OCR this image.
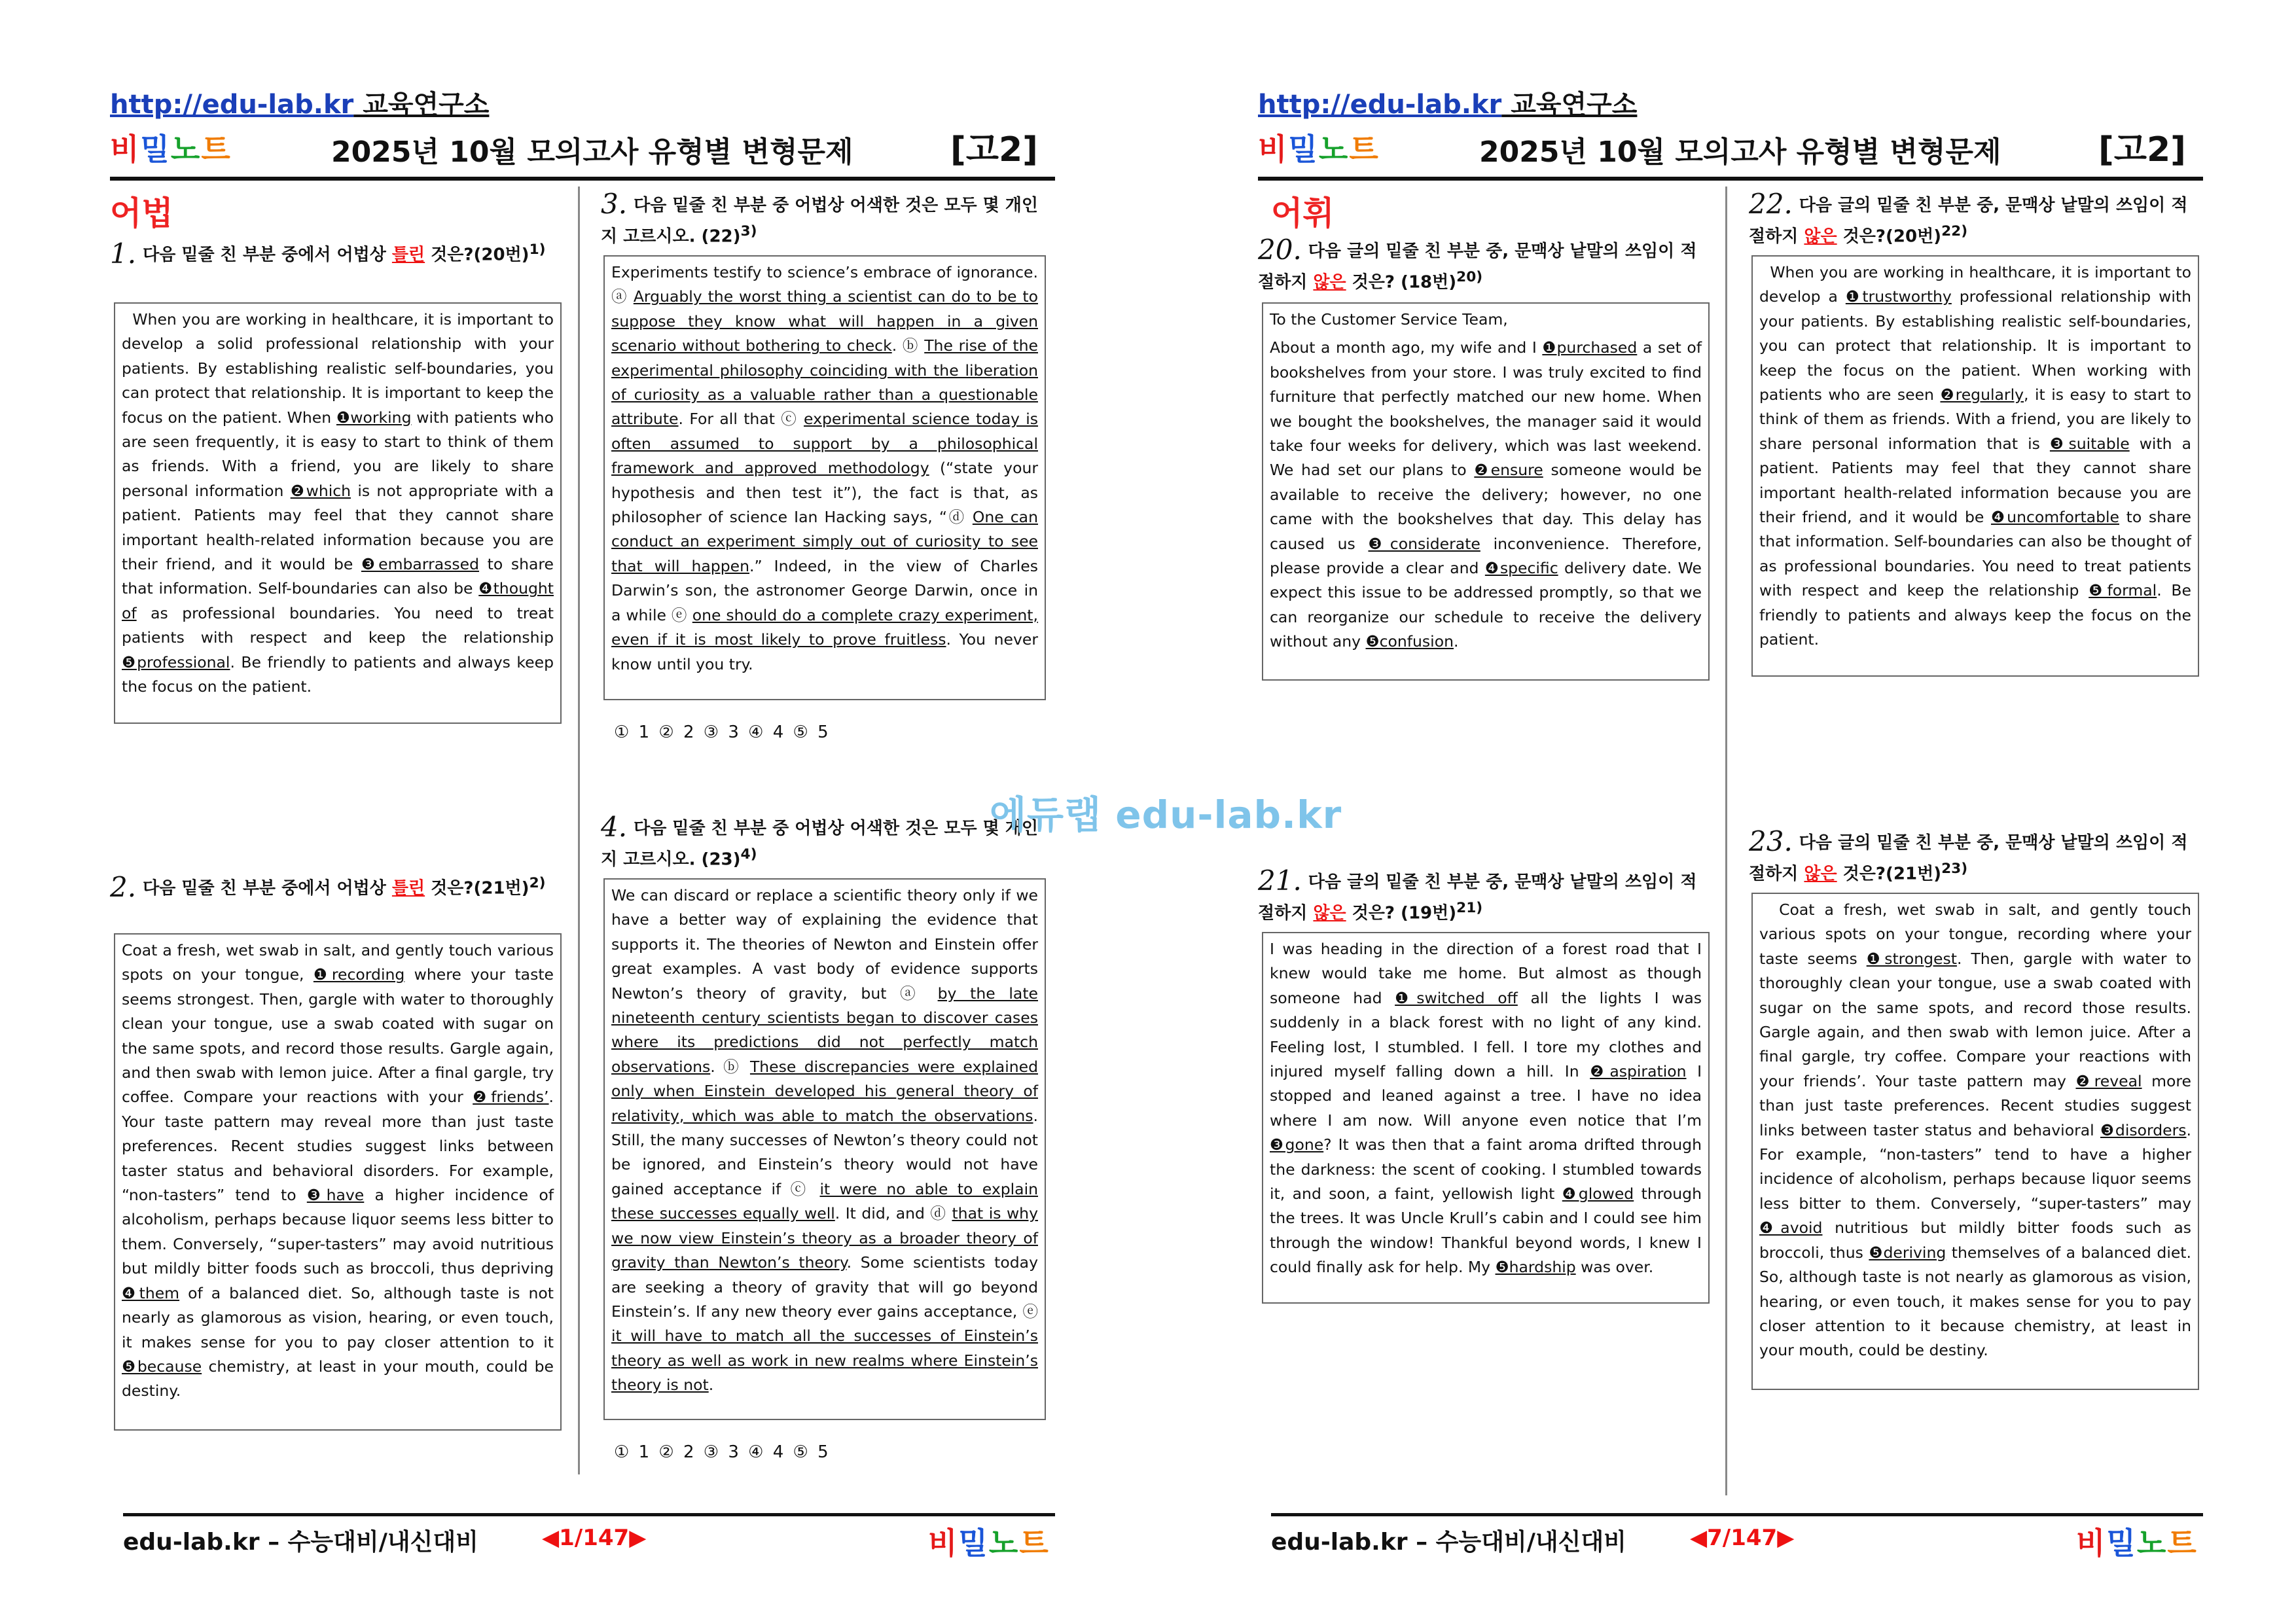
http://edu-lab.kr 교육연구소
비밀노트	2025년 10월 모의고사 유형별 변형문제	[고2]
어법
1. 다음 밑줄 친 부분 중에서 어법상 틀린 것은?(20번)$^{1)}$

When you are working in healthcare, it is important to develop a solid professional relationship with your patients. By establishing realistic self-boundaries, you can protect that relationship. It is important to keep the focus on the patient. When ❶working with patients who are seen frequently, it is easy to start to think of them as friends. With a friend, you are likely to share personal information ❷which is not appropriate with a patient. Patients may feel that they cannot share important health-related information because you are their friend, and it would be ❸embarrassed to share that information. Self-boundaries can also be ❹thought of as professional boundaries. You need to treat patients with respect and keep the relationship ❺professional. Be friendly to patients and always keep the focus on the patient.

2. 다음 밑줄 친 부분 중에서 어법상 틀린 것은?(21번)$^{2)}$

Coat a fresh, wet swab in salt, and gently touch various spots on your tongue, ❶recording where your taste seems strongest. Then, gargle with water to thoroughly clean your tongue, use a swab coated with sugar on the same spots, and record those results. Gargle again, and then swab with lemon juice. After a final gargle, try coffee. Compare your reactions with your ❷friends’. Your taste pattern may reveal more than just taste preferences. Recent studies suggest links between taster status and behavioral disorders. For example, “non-tasters” tend to ❸have a higher incidence of alcoholism, perhaps because liquor seems less bitter to them. Conversely, “super-tasters” may avoid nutritious but mildly bitter foods such as broccoli, thus depriving ❹them of a balanced diet. So, although taste is not nearly as glamorous as vision, hearing, or even touch, it makes sense for you to pay closer attention to it ❺because chemistry, at least in your mouth, could be destiny.

3. 다음 밑줄 친 부분 중 어법상 어색한 것은 모두 몇 개인지 고르시오. $(22)^{3)}$

Experiments testify to science’s embrace of ignorance. ⓐ Arguably the worst thing a scientist can do to be to suppose they know what will happen in a given scenario without bothering to check. ⓑ The rise of the experimental philosophy coinciding with the liberation of curiosity as a valuable rather than a questionable attribute. For all that ⓒ experimental science today is often assumed to support by a philosophical framework and approved methodology (“state your hypothesis and then test it”), the fact is that, as philosopher of science Ian Hacking says, “ⓓ One can conduct an experiment simply out of curiosity to see that will happen.” Indeed, in the view of Charles Darwin’s son, the astronomer George Darwin, once in a while ⓔ one should do a complete crazy experiment, even if it is most likely to prove fruitless. You never know until you try.

① 1 ② 2 ③ 3 ④ 4 ⑤ 5
4. 다음 밑줄 친 부분 중 어법상 어색한 것은 모두 몇 개인지 고르시오. $(23)^{4)}$

We can discard or replace a scientific theory only if we have a better way of explaining the evidence that supports it. The theories of Newton and Einstein offer great examples. A vast body of evidence supports Newton’s theory of gravity, but ⓐ by the late nineteenth century scientists began to discover cases where its predictions did not perfectly match observations. ⓑ These discrepancies were explained only when Einstein developed his general theory of relativity, which was able to match the observations. Still, the many successes of Newton’s theory could not be ignored, and Einstein’s theory would not have gained acceptance if ⓒ it were no able to explain these successes equally well. It did, and ⓓ that is why we now view Einstein’s theory as a broader theory of gravity than Newton’s theory. Some scientists today are seeking a theory of gravity that will go beyond Einstein’s. If any new theory ever gains acceptance, ⓔ it will have to match all the successes of Einstein’s theory as well as work in new realms where Einstein’s theory is not.

① 1 ② 2 ③ 3 ④ 4 ⑤ 5
edu-lab.kr – 수능대비/내신대비	◀1/147▶	비밀노트
http://edu-lab.kr 교육연구소
비밀노트	2025년 10월 모의고사 유형별 변형문제	[고2]
어휘
20. 다음 글의 밑줄 친 부분 중, 문맥상 낱말의 쓰임이 적절하지 않은 것은? (18번)$^{20)}$

To the Customer Service Team,

About a month ago, my wife and I ❶purchased a set of bookshelves from your store. I was truly excited to find furniture that perfectly matched our new home. When we bought the bookshelves, the manager said it would take four weeks for delivery, which was last weekend. We had set our plans to ❷ensure someone would be available to receive the delivery; however, no one came with the bookshelves that day. This delay has caused us ❸considerate inconvenience. Therefore, please provide a clear and ❹specific delivery date. We expect this issue to be addressed promptly, so that we can reorganize our schedule to receive the delivery without any ❺confusion.

21. 다음 글의 밑줄 친 부분 중, 문맥상 낱말의 쓰임이 적절하지 않은 것은? (19번)$^{21)}$

I was heading in the direction of a forest road that I knew would take me home. But almost as though someone had ❶switched off all the lights I was suddenly in a black forest with no light of any kind. Feeling lost, I stumbled. I fell. I tore my clothes and injured myself falling down a hill. In ❷aspiration I stopped and leaned against a tree. I have no idea where I am now. Will anyone even notice that I’m ❸gone? It was then that a faint aroma drifted through the darkness: the scent of cooking. I stumbled towards it, and soon, a faint, yellowish light ❹glowed through the trees. It was Uncle Krull’s cabin and I could see him through the window! Thankful beyond words, I knew I could finally ask for help. My ❺hardship was over.

22. 다음 글의 밑줄 친 부분 중, 문맥상 낱말의 쓰임이 적절하지 않은 것은?(20번)$^{22)}$

When you are working in healthcare, it is important to develop a ❶trustworthy professional relationship with your patients. By establishing realistic self-boundaries, you can protect that relationship. It is important to keep the focus on the patient. When working with patients who are seen ❷regularly, it is easy to start to think of them as friends. With a friend, you are likely to share personal information that is ❸suitable with a patient. Patients may feel that they cannot share important health-related information because you are their friend, and it would be ❹uncomfortable to share that information. Self-boundaries can also be thought of as professional boundaries. You need to treat patients with respect and keep the relationship ❺formal. Be friendly to patients and always keep the focus on the patient.

23. 다음 글의 밑줄 친 부분 중, 문맥상 낱말의 쓰임이 적절하지 않은 것은?(21번)$^{23)}$

Coat a fresh, wet swab in salt, and gently touch various spots on your tongue, recording where your taste seems ❶strongest. Then, gargle with water to thoroughly clean your tongue, use a swab coated with sugar on the same spots, and record those results. Gargle again, and then swab with lemon juice. After a final gargle, try coffee. Compare your reactions with your friends’. Your taste pattern may ❷reveal more than just taste preferences. Recent studies suggest links between taster status and behavioral ❸disorders. For example, “non-tasters” tend to have a higher incidence of alcoholism, perhaps because liquor seems less bitter to them. Conversely, “super-tasters” may ❹avoid nutritious but mildly bitter foods such as broccoli, thus ❺deriving themselves of a balanced diet. So, although taste is not nearly as glamorous as vision, hearing, or even touch, it makes sense for you to pay closer attention to it because chemistry, at least in your mouth, could be destiny.

edu-lab.kr – 수능대비/내신대비	◀7/147▶	비밀노트
에듀랩 edu-lab.kr
